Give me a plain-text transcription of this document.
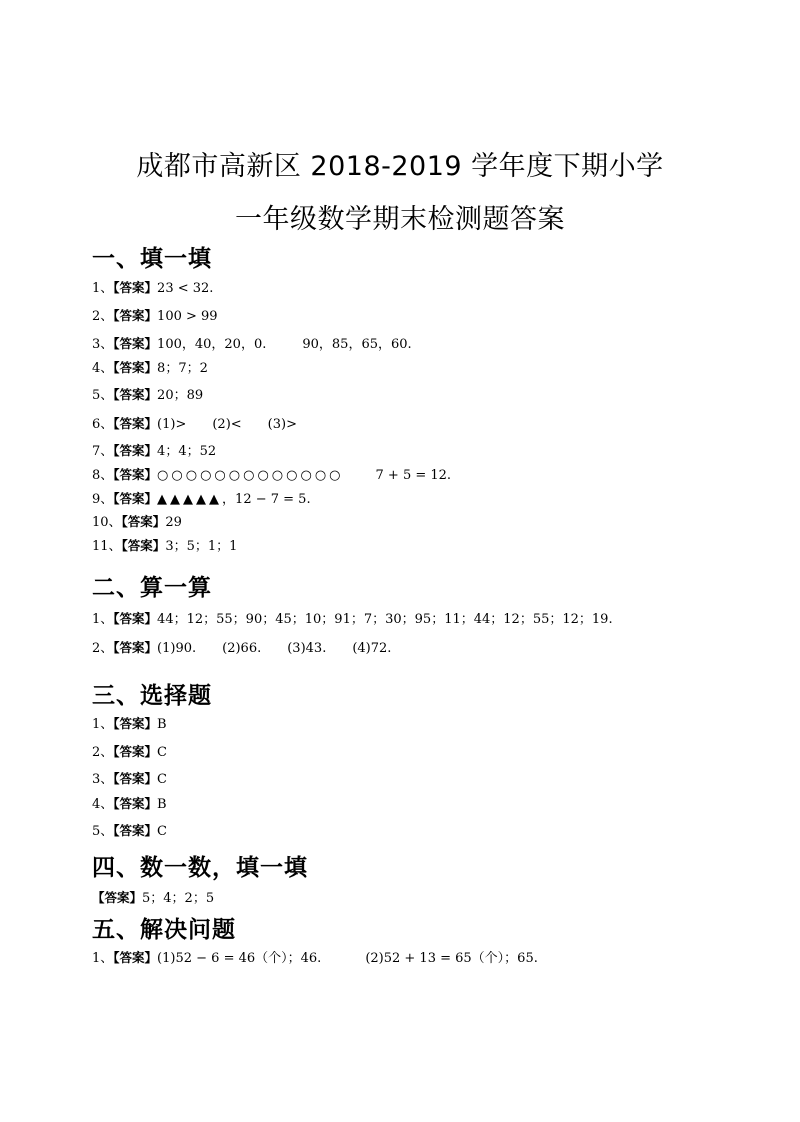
成都市高新区 2018-2019 学年度下期小学
一年级数学期末检测题答案
一、填一填
1、【答案】23 < 32.
2、【答案】100 > 99
3、【答案】100，40，20，0.	90，85，65，60.
4、【答案】8；7；2
5、【答案】20；89
6、【答案】(1)> (2)< (3)>
7、【答案】4；4；52
8、【答案】○○○○○○○○○○○○○ 7 + 5 = 12.
9、【答案】▲▲▲▲▲，12 − 7 = 5.
10、【答案】29
11、【答案】3；5；1；1
二、算一算
1、【答案】44；12；55；90；45；10；91；7；30；95；11；44；12；55；12；19.
2、【答案】(1)90. (2)66. (3)43. (4)72.
三、选择题
1、【答案】B
2、【答案】C
3、【答案】C
4、【答案】B
5、【答案】C
四、数一数，填一填
【答案】5；4；2；5
五、解决问题
1、【答案】(1)52 − 6 = 46（个）；46.	(2)52 + 13 = 65（个）；65.
